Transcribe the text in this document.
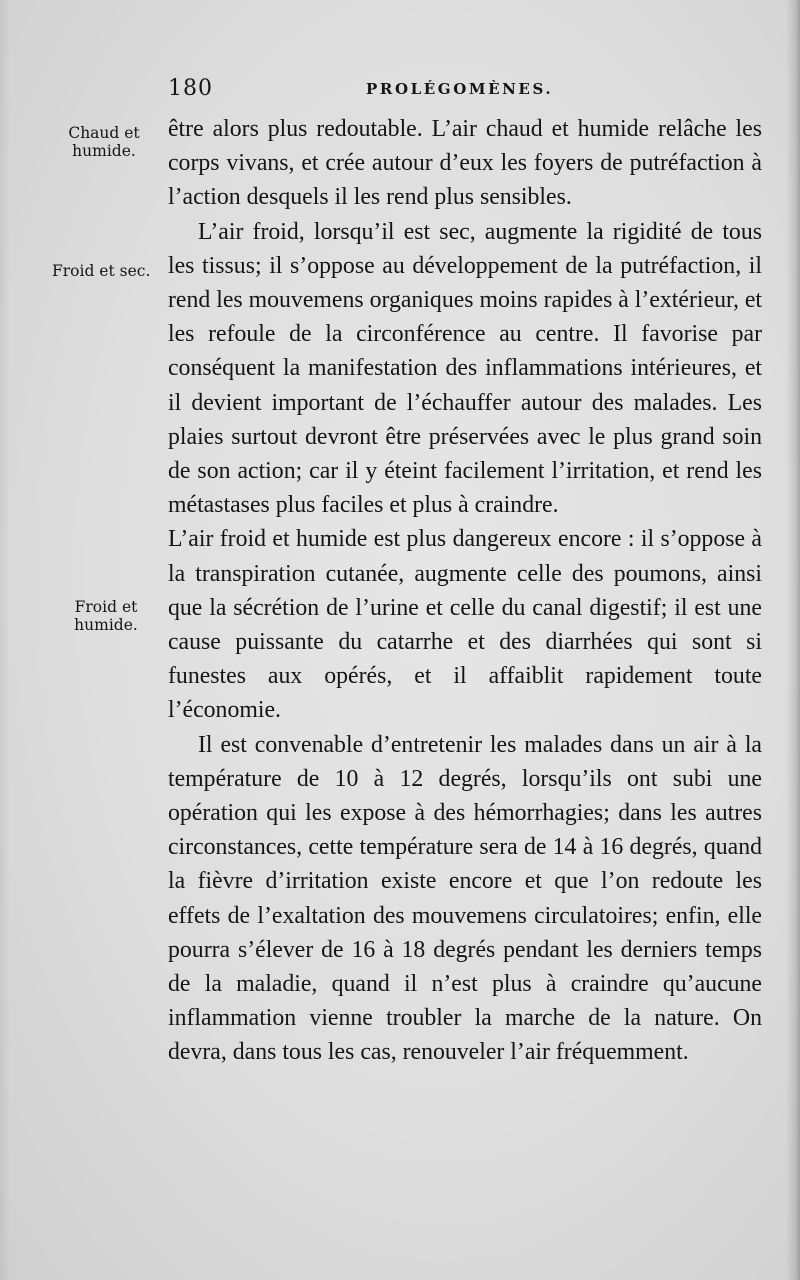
180	PROLÉGOMÈNES.
Chaud et humide.
Froid et sec.
Froid et humide.

être alors plus redoutable. L’air chaud et humide relâche les corps vivans, et crée autour d’eux les foyers de putréfaction à l’action desquels il les rend plus sensibles.

L’air froid, lorsqu’il est sec, augmente la rigidité de tous les tissus; il s’oppose au développement de la putréfaction, il rend les mouvemens organiques moins rapides à l’extérieur, et les refoule de la circonférence au centre. Il favorise par conséquent la manifestation des inflammations intérieures, et il devient important de l’échauffer autour des malades. Les plaies surtout devront être préservées avec le plus grand soin de son action; car il y éteint facilement l’irritation, et rend les métastases plus faciles et plus à craindre.

L’air froid et humide est plus dangereux encore : il s’oppose à la transpiration cutanée, augmente celle des poumons, ainsi que la sécrétion de l’urine et celle du canal digestif; il est une cause puissante du catarrhe et des diarrhées qui sont si funestes aux opérés, et il affaiblit rapidement toute l’économie.

Il est convenable d’entretenir les malades dans un air à la température de 10 à 12 degrés, lorsqu’ils ont subi une opération qui les expose à des hémorrhagies; dans les autres circonstances, cette température sera de 14 à 16 degrés, quand la fièvre d’irritation existe encore et que l’on redoute les effets de l’exaltation des mouvemens circulatoires; enfin, elle pourra s’élever de 16 à 18 degrés pendant les derniers temps de la maladie, quand il n’est plus à craindre qu’aucune inflammation vienne troubler la marche de la nature. On devra, dans tous les cas, renouveler l’air fréquemment.
